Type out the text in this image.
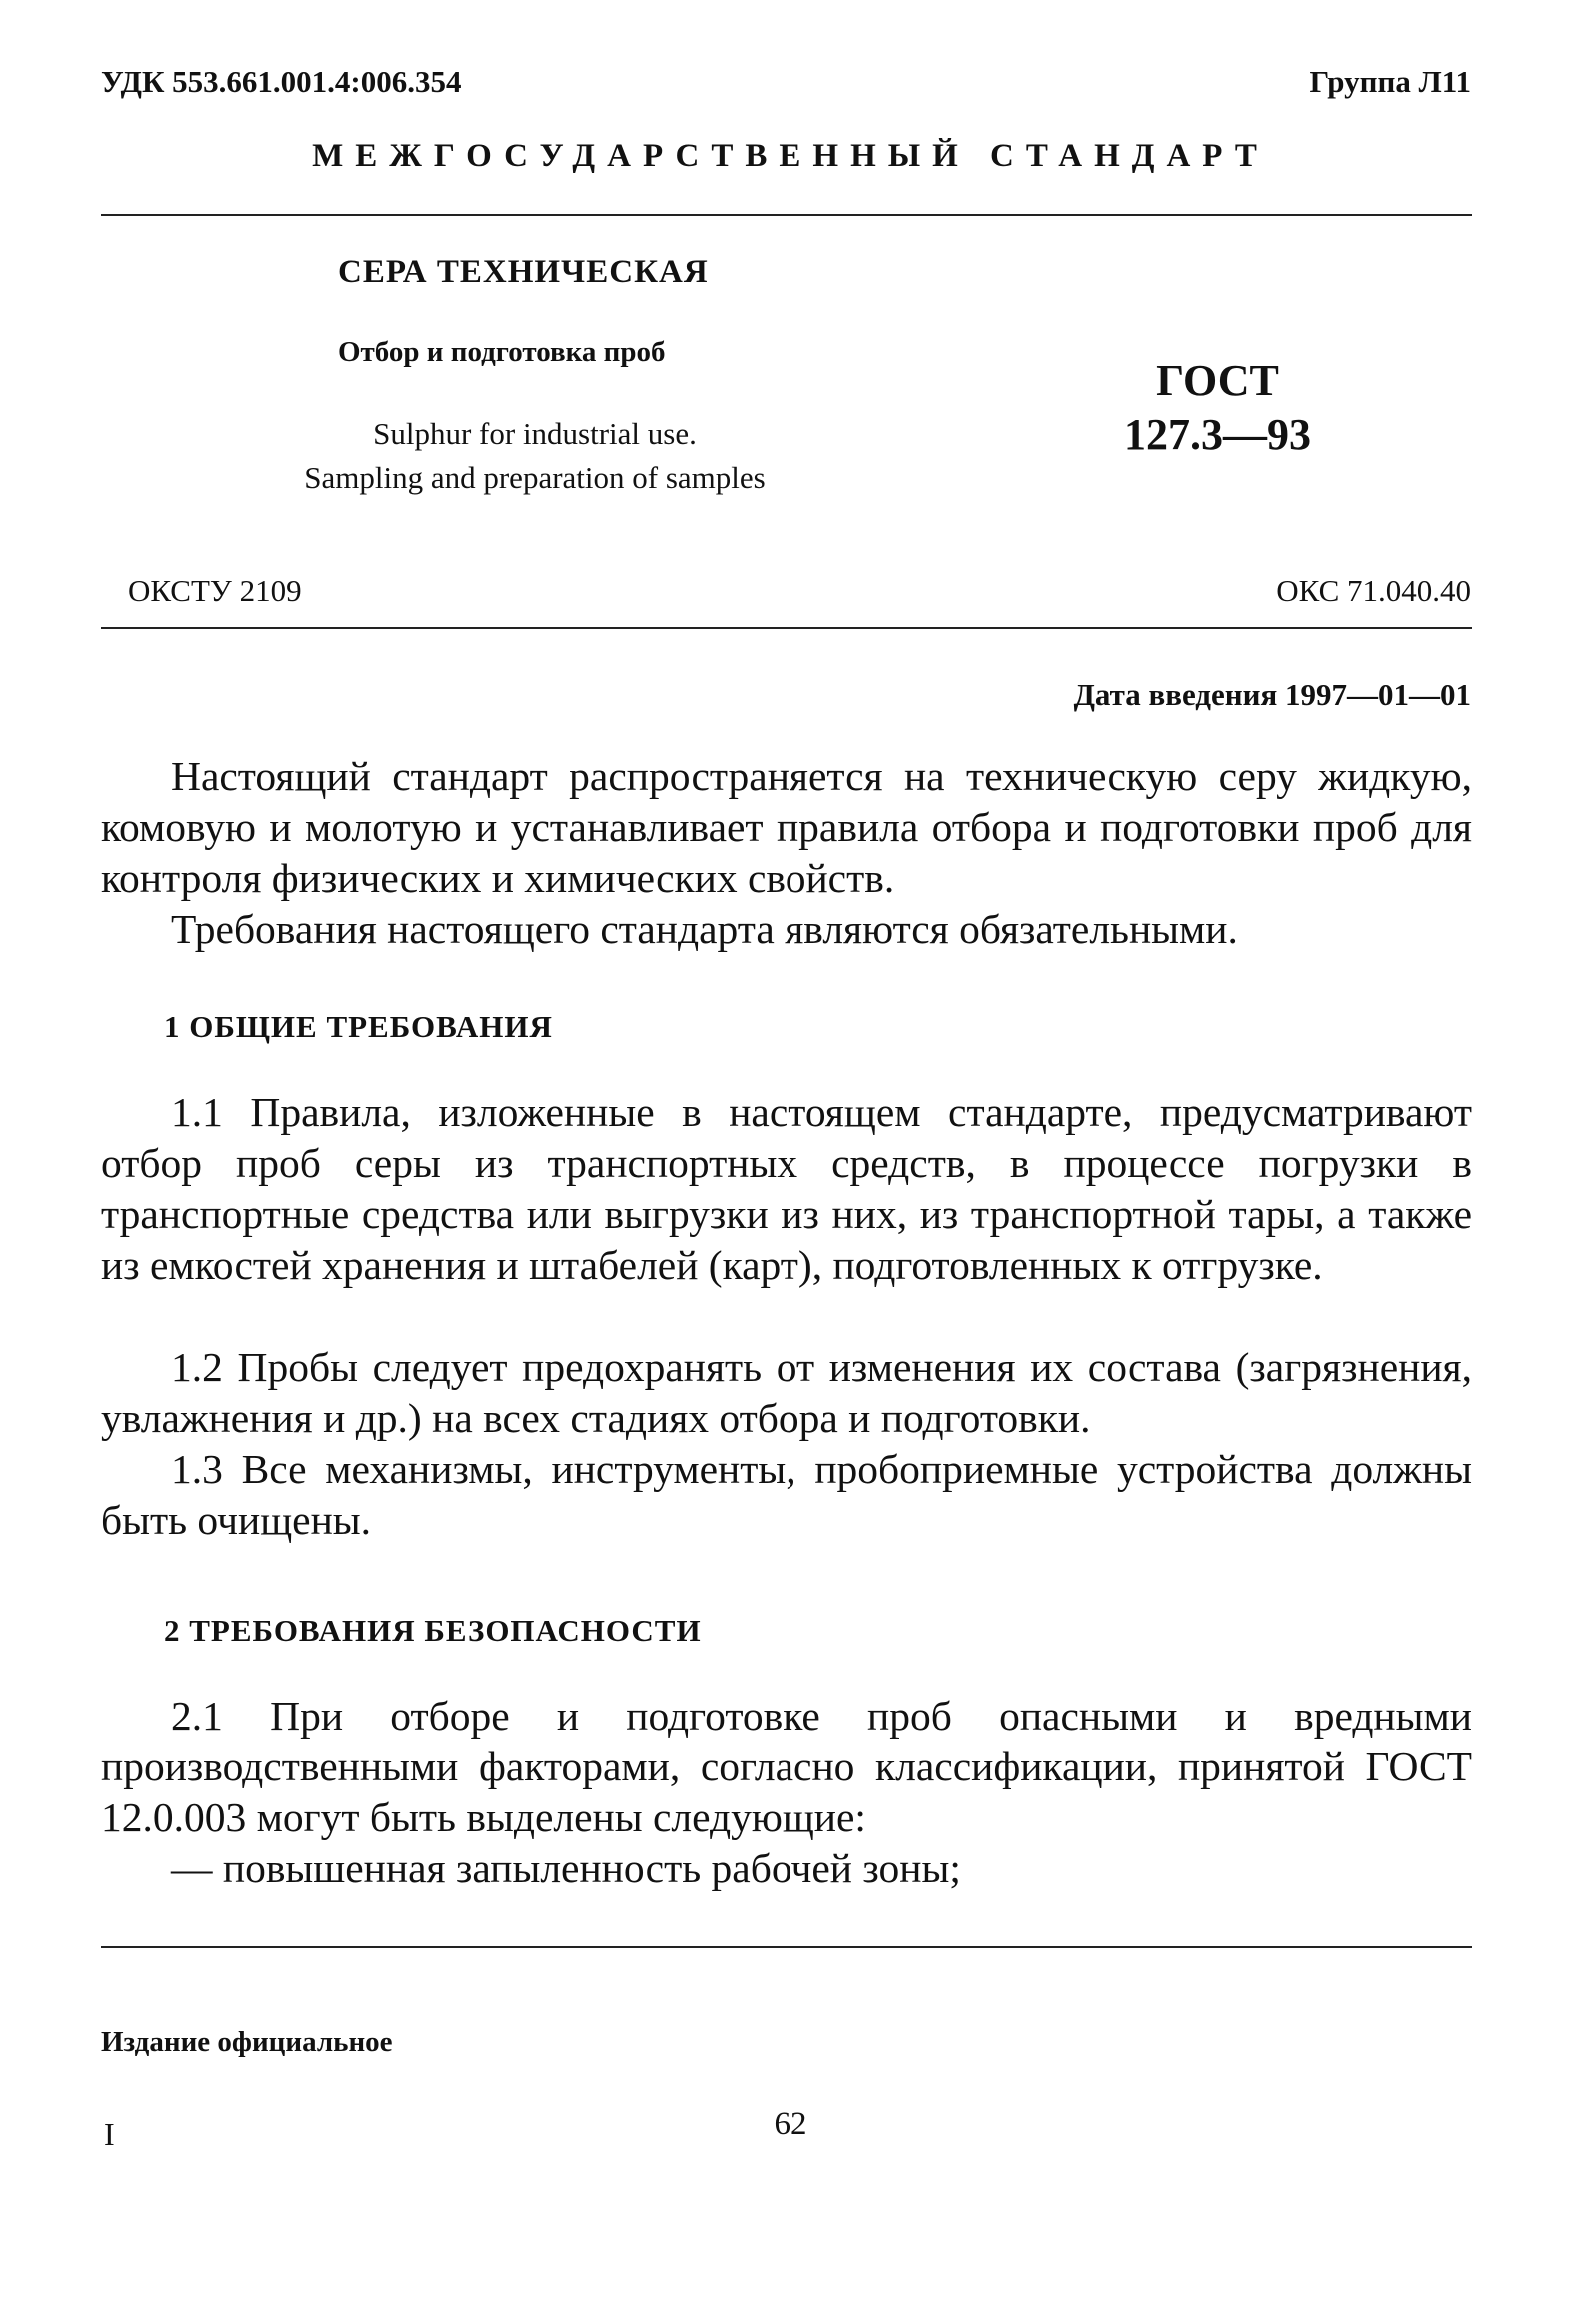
УДК 553.661.001.4:006.354	Группа Л11
МЕЖГОСУДАРСТВЕННЫЙ СТАНДАРТ
СЕРА ТЕХНИЧЕСКАЯ
Отбор и подготовка проб
Sulphur for industrial use.
Sampling and preparation of samples
ГОСТ
127.3—93
ОКСТУ 2109	ОКС 71.040.40
Дата введения 1997—01—01

Настоящий стандарт распространяется на техническую серу жидкую, комовую и молотую и устанавливает правила отбора и подготовки проб для контроля физических и химических свойств.

Требования настоящего стандарта являются обязательными.

1 ОБЩИЕ ТРЕБОВАНИЯ

1.1 Правила, изложенные в настоящем стандарте, предусматривают отбор проб серы из транспортных средств, в процессе погрузки в транспортные средства или выгрузки из них, из транспортной тары, а также из емкостей хранения и штабелей (карт), подготовленных к отгрузке.

1.2 Пробы следует предохранять от изменения их состава (загрязнения, увлажнения и др.) на всех стадиях отбора и подготовки.

1.3 Все механизмы, инструменты, пробоприемные устройства должны быть очищены.

2 ТРЕБОВАНИЯ БЕЗОПАСНОСТИ

2.1 При отборе и подготовке проб опасными и вредными производственными факторами, согласно классификации, принятой ГОСТ 12.0.003 могут быть выделены следующие:

— повышенная запыленность рабочей зоны;

Издание официальное
I	62
